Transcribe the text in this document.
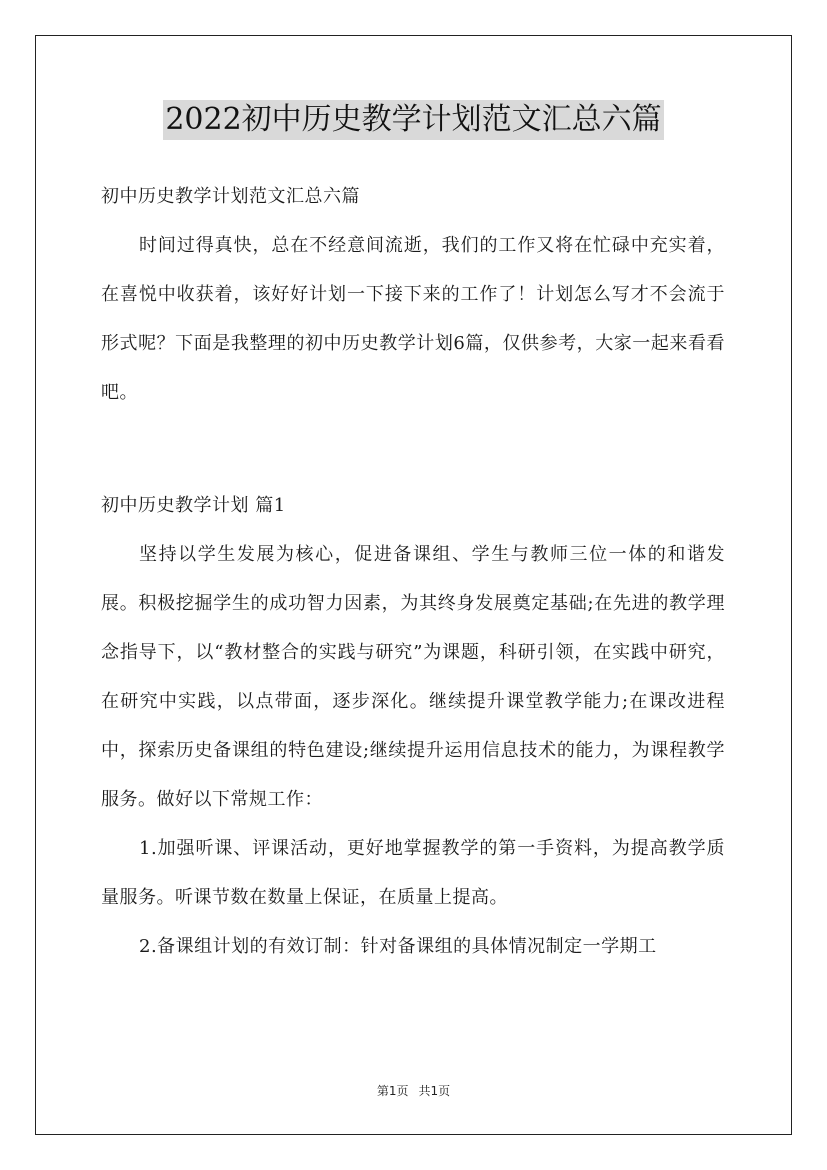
2022初中历史教学计划范文汇总六篇

初中历史教学计划范文汇总六篇

时间过得真快，总在不经意间流逝，我们的工作又将在忙碌中充实着，在喜悦中收获着，该好好计划一下接下来的工作了！计划怎么写才不会流于形式呢？下面是我整理的初中历史教学计划6篇，仅供参考，大家一起来看看吧。

初中历史教学计划 篇1

坚持以学生发展为核心，促进备课组、学生与教师三位一体的和谐发展。积极挖掘学生的成功智力因素，为其终身发展奠定基础;在先进的教学理念指导下，以“教材整合的实践与研究”为课题，科研引领，在实践中研究，在研究中实践，以点带面，逐步深化。继续提升课堂教学能力;在课改进程中，探索历史备课组的特色建设;继续提升运用信息技术的能力，为课程教学服务。做好以下常规工作：

1.加强听课、评课活动，更好地掌握教学的第一手资料，为提高教学质量服务。听课节数在数量上保证，在质量上提高。

2.备课组计划的有效订制：针对备课组的具体情况制定一学期工

第1页 共1页
